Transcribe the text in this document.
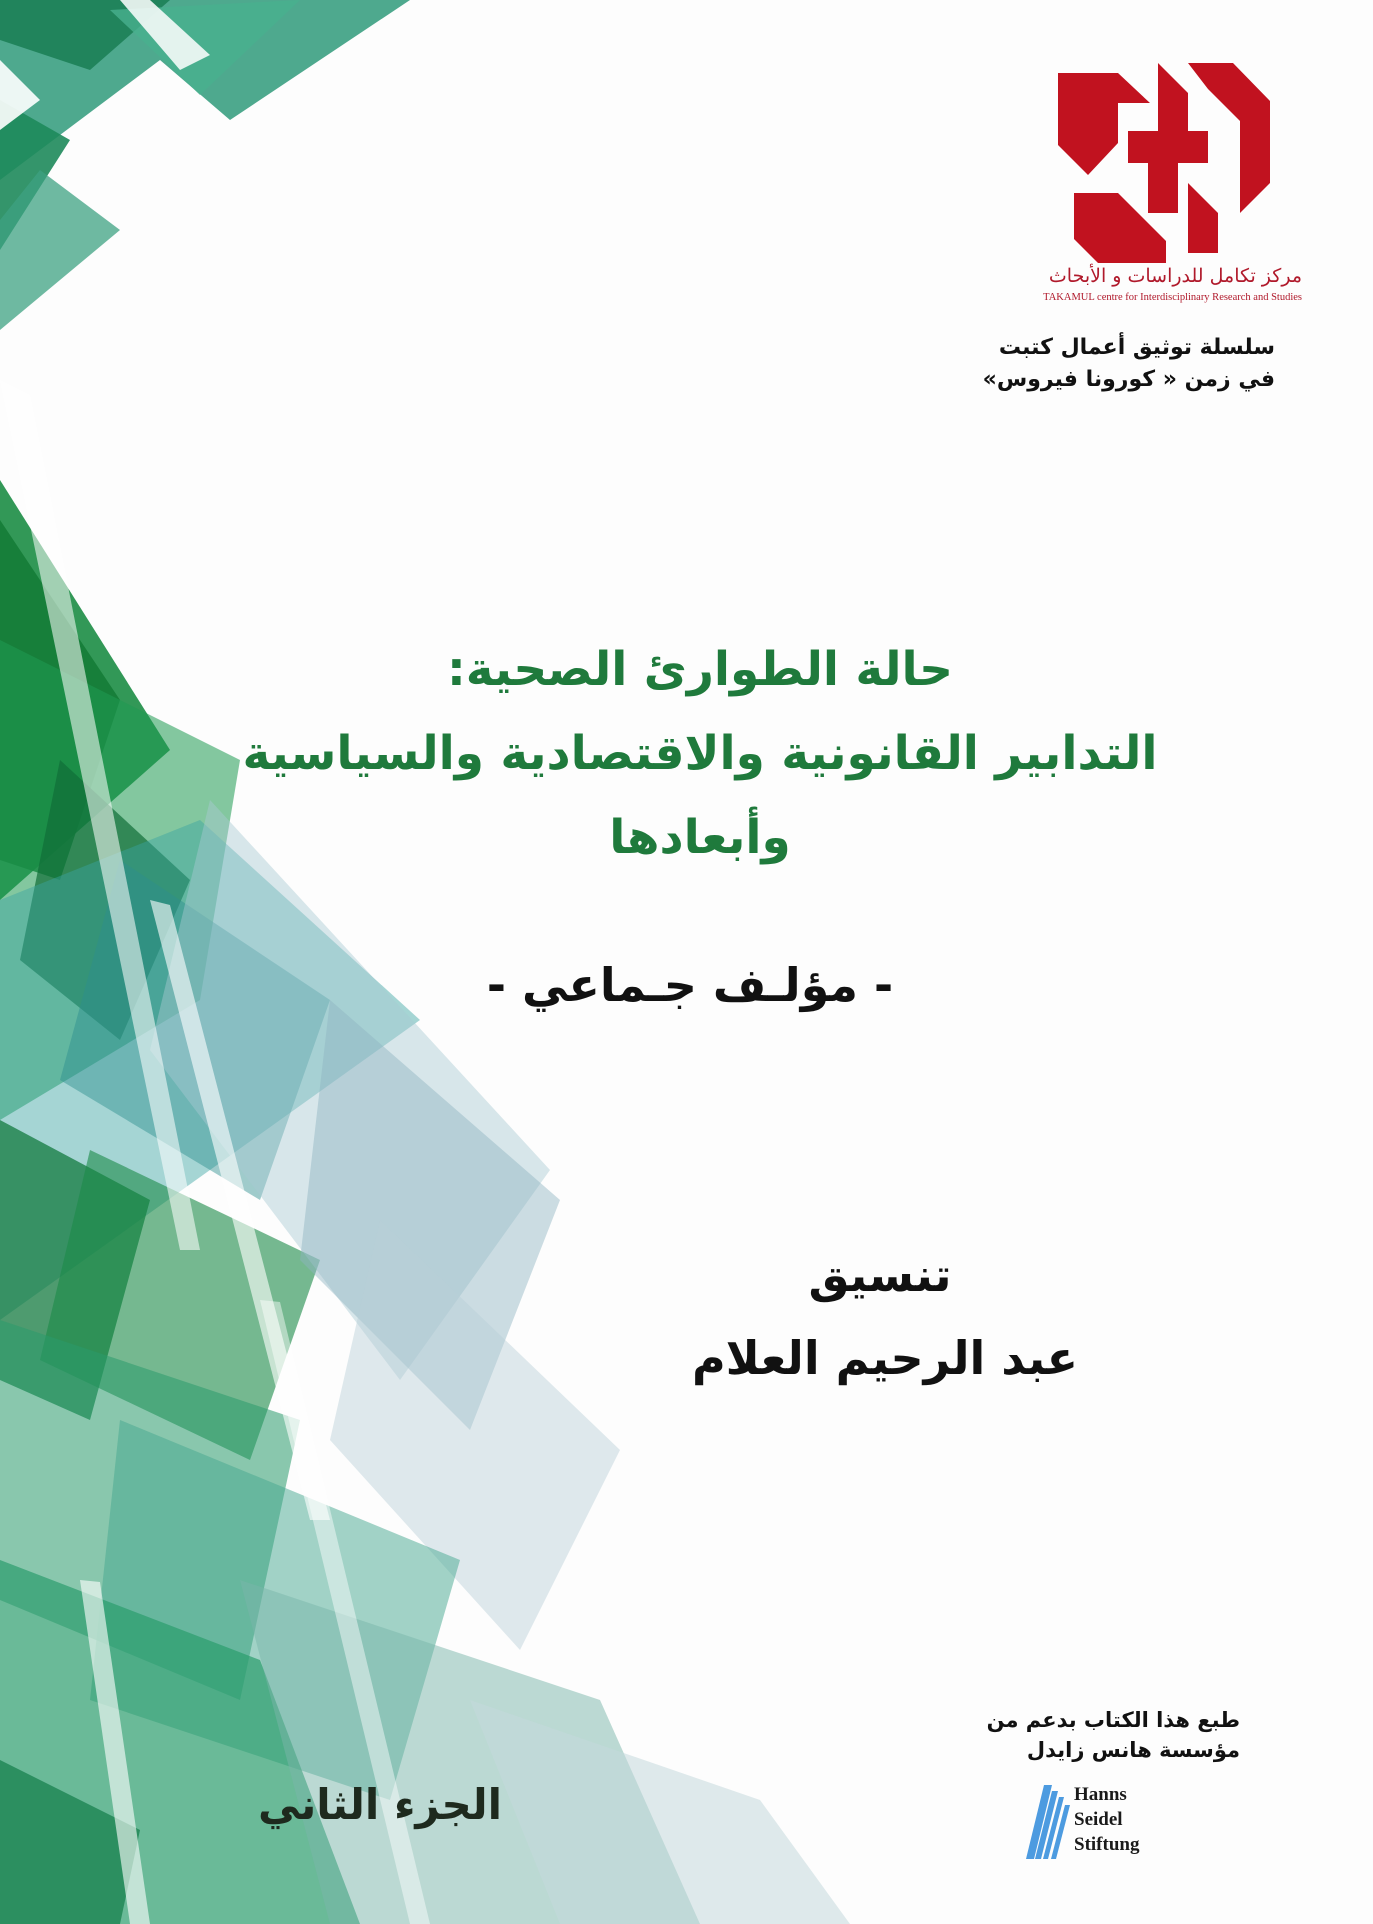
مركز تكامل للدراسات و الأبحاث
TAKAMUL centre for Interdisciplinary Research and Studies
سلسلة توثيق أعمال كتبت
في زمن « كورونا فيروس»
حالة الطوارئ الصحية:
التدابير القانونية والاقتصادية والسياسية
وأبعادها
- مؤلـف جـماعي -
تنسيق
عبد الرحيم العلام
طبع هذا الكتاب بدعم من
مؤسسة هانس زايدل
Hanns
Seidel
Stiftung
الجزء الثاني
